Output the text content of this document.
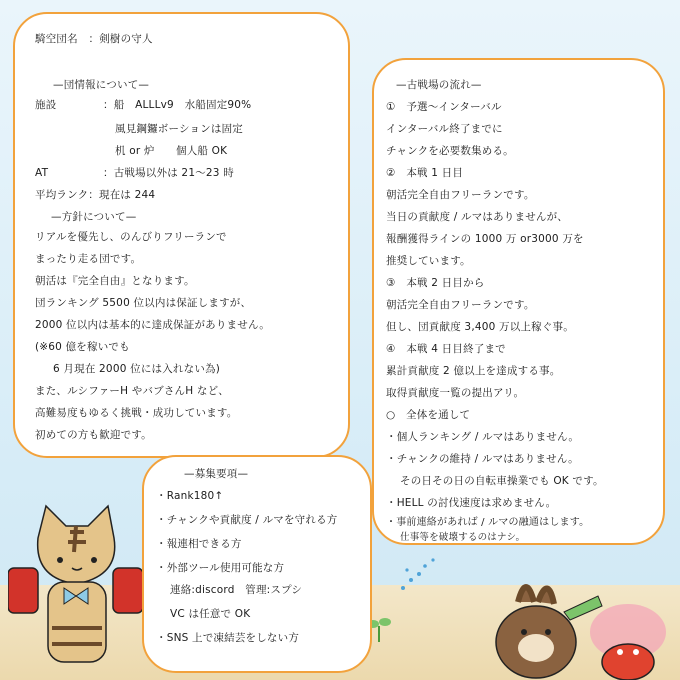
騎空団名　：剣樹の守人
—団情報について—
施設	：船　ALLLv9　水船固定90%
風見鋼鑼ボーションは固定
机 or 炉　　個人船 OK
AT	：古戦場以外は 21～23 時
平均ランク：現在は 244
—方針について—
リアルを優先し、のんびりフリーランで
まったり走る団です。
朝活は『完全自由』となります。
団ランキング 5500 位以内は保証しますが、
2000 位以内は基本的に達成保証がありません。
(※60 億を稼いでも
6 月現在 2000 位には入れない為)
また、ルシファーH やバブさんH など、
高難易度もゆるく挑戦・成功しています。
初めての方も歓迎です。
—古戦場の流れ—
①　予選～インターバル
インターバル終了までに
チャンクを必要数集める。
②　本戦 1 日目
朝活完全自由フリーランです。
当日の貢献度 / ルマはありませんが、
報酬獲得ラインの 1000 万 or3000 万を
推奨しています。
③　本戦 2 日目から
朝活完全自由フリーランです。
但し、団貢献度 3,400 万以上稼ぐ事。
④　本戦 4 日目終了まで
累計貢献度 2 億以上を達成する事。
取得貢献度一覧の提出アリ。
○　全体を通して
・個人ランキング / ルマはありません。
・チャンクの維持 / ルマはありません。
その日その日の自転車操業でも OK です。
・HELL の討伐速度は求めません。
・事前連絡があれば / ルマの融通はします。
仕事等を破壊するのはナシ。
—募集要項—
・Rank180↑
・チャンクや貢献度 / ルマを守れる方
・報連相できる方
・外部ツール使用可能な方
連絡:discord　管理:スプシ
VC は任意で OK
・SNS 上で凍結芸をしない方
